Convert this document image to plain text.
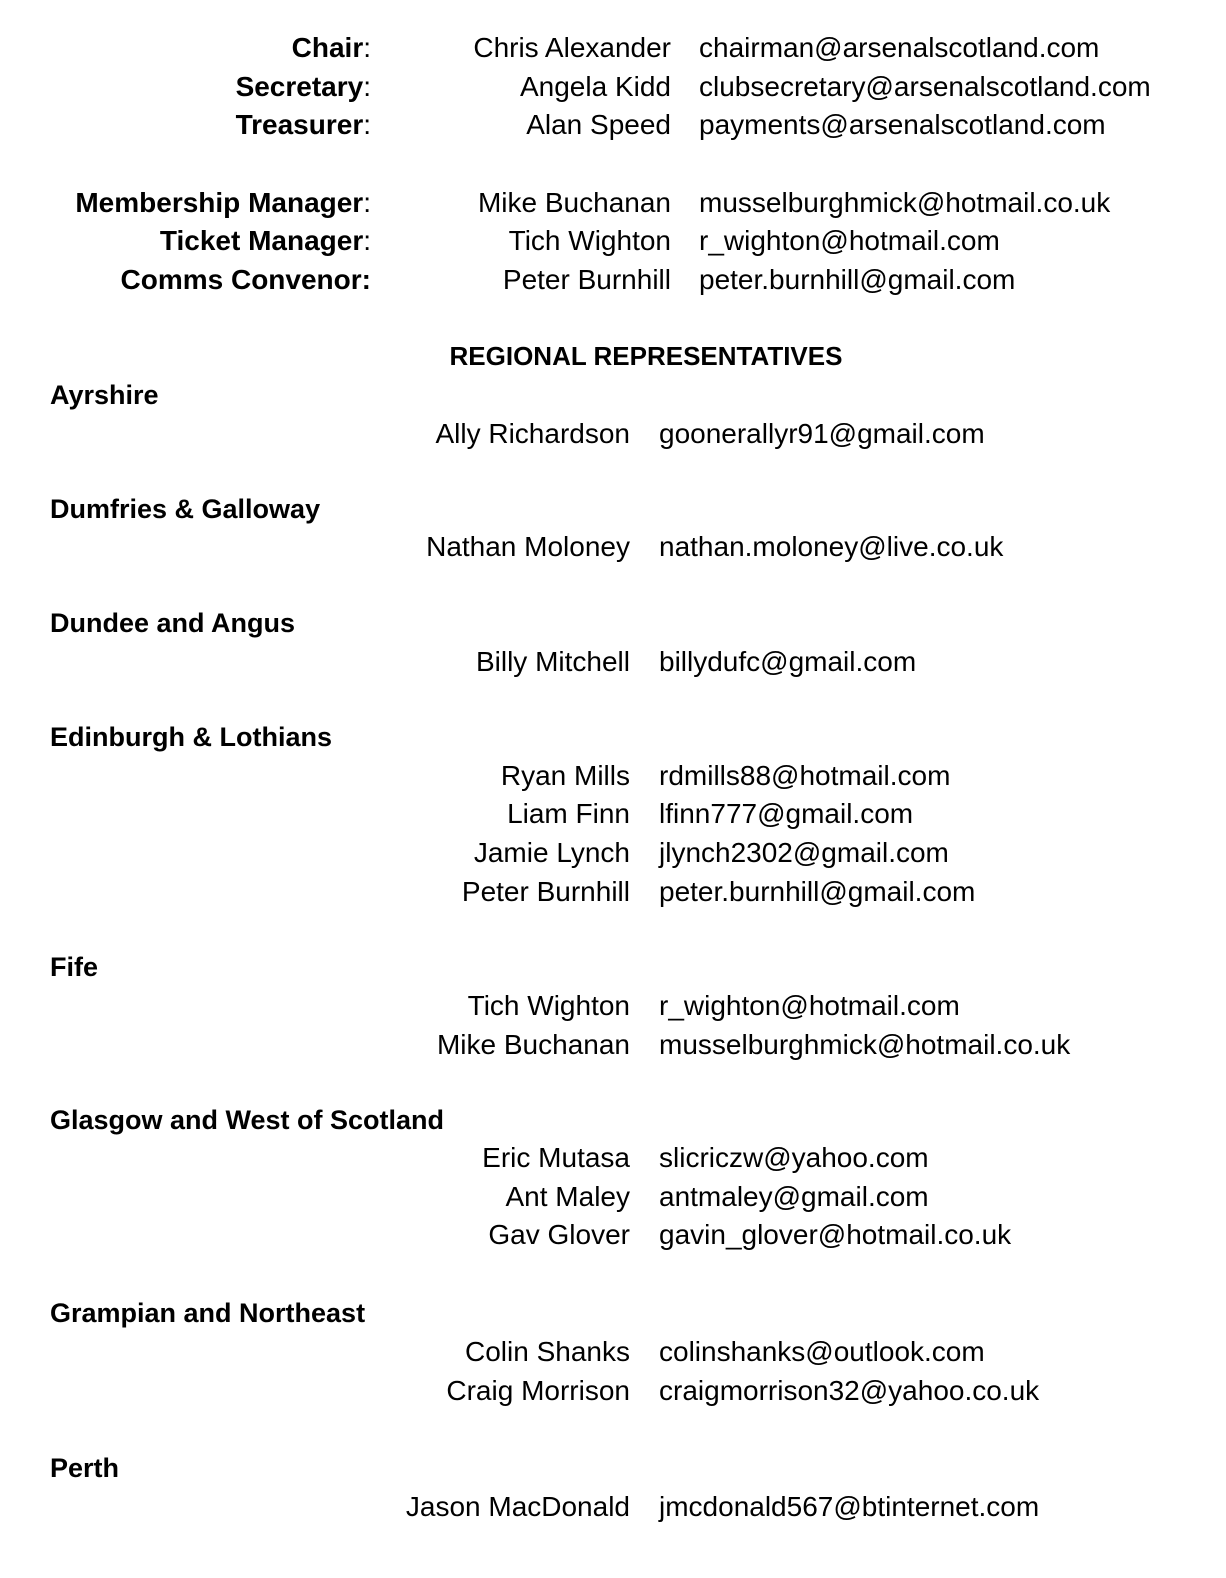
Chair:	Chris Alexander chairman@arsenalscotland.com
Secretary:	Angela Kidd clubsecretary@arsenalscotland.com
Treasurer:	Alan Speed payments@arsenalscotland.com
Membership Manager:	Mike Buchanan musselburghmick@hotmail.co.uk
Ticket Manager:	Tich Wighton r_wighton@hotmail.com
Comms Convenor:	Peter Burnhill peter.burnhill@gmail.com
REGIONAL REPRESENTATIVES
Ayrshire
Ally Richardson goonerallyr91@gmail.com
Dumfries & Galloway
Nathan Moloney nathan.moloney@live.co.uk
Dundee and Angus
Billy Mitchell billydufc@gmail.com
Edinburgh & Lothians
Ryan Mills rdmills88@hotmail.com
Liam Finn lfinn777@gmail.com
Jamie Lynch jlynch2302@gmail.com
Peter Burnhill peter.burnhill@gmail.com
Fife
Tich Wighton r_wighton@hotmail.com
Mike Buchanan musselburghmick@hotmail.co.uk
Glasgow and West of Scotland
Eric Mutasa slicriczw@yahoo.com
Ant Maley antmaley@gmail.com
Gav Glover gavin_glover@hotmail.co.uk
Grampian and Northeast
Colin Shanks colinshanks@outlook.com
Craig Morrison craigmorrison32@yahoo.co.uk
Perth
Jason MacDonald jmcdonald567@btinternet.com
